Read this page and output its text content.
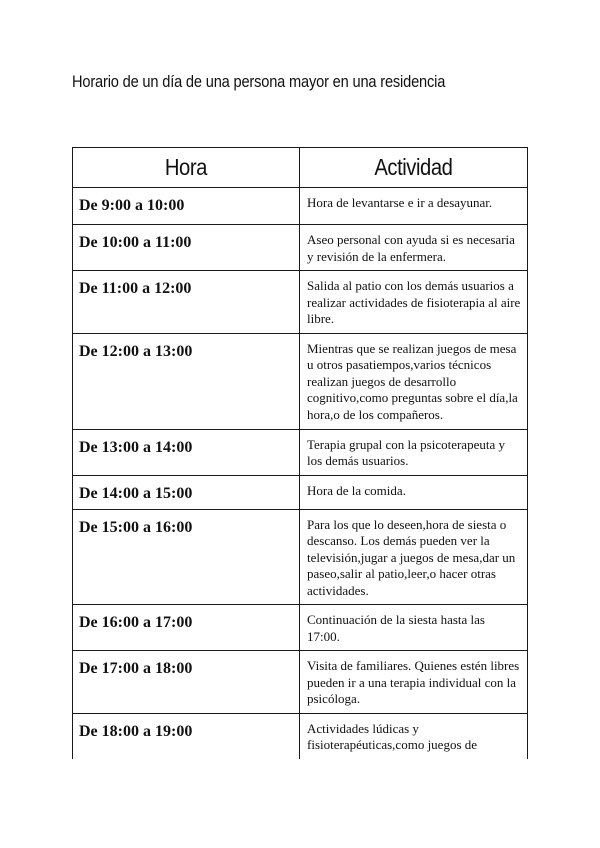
Horario de un día de una persona mayor en una residencia
Hora	Actividad
De 9:00 a 10:00	Hora de levantarse e ir a desayunar.
De 10:00 a 11:00	Aseo personal con ayuda si es necesaria y revisión de la enfermera.
De 11:00 a 12:00	Salida al patio con los demás usuarios a realizar actividades de fisioterapia al aire libre.
De 12:00 a 13:00	Mientras que se realizan juegos de mesa u otros pasatiempos,varios técnicos realizan juegos de desarrollo cognitivo,como preguntas sobre el día,la hora,o de los compañeros.
De 13:00 a 14:00	Terapia grupal con la psicoterapeuta y los demás usuarios.
De 14:00 a 15:00	Hora de la comida.
De 15:00 a 16:00	Para los que lo deseen,hora de siesta o descanso. Los demás pueden ver la televisión,jugar a juegos de mesa,dar un paseo,salir al patio,leer,o hacer otras actividades.
De 16:00 a 17:00	Continuación de la siesta hasta las 17:00.
De 17:00 a 18:00	Visita de familiares. Quienes estén libres pueden ir a una terapia individual con la psicóloga.
De 18:00 a 19:00	Actividades lúdicas y fisioterapéuticas,como juegos de
